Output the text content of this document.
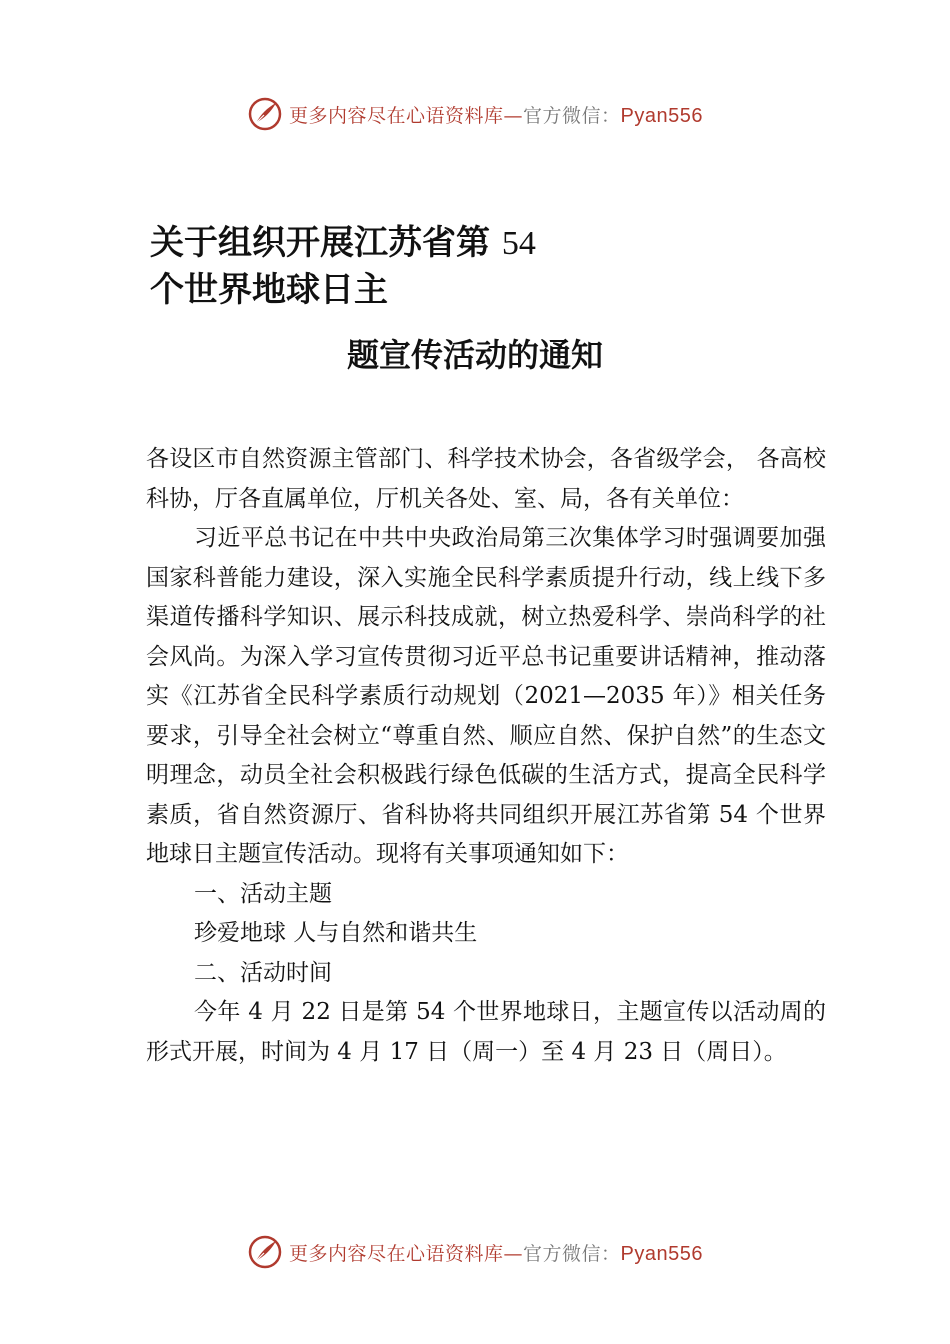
更多内容尽在心语资料库—官方微信：Pyan556
关于组织开展江苏省第 54
个世界地球日主
题宣传活动的通知

各设区市自然资源主管部门、科学技术协会，各省级学会， 各高校科协，厅各直属单位，厅机关各处、室、局，各有关单位：

习近平总书记在中共中央政治局第三次集体学习时强调要加强国家科普能力建设，深入实施全民科学素质提升行动，线上线下多渠道传播科学知识、展示科技成就，树立热爱科学、崇尚科学的社会风尚。为深入学习宣传贯彻习近平总书记重要讲话精神，推动落实《江苏省全民科学素质行动规划（2021—2035 年）》相关任务要求，引导全社会树立“尊重自然、顺应自然、保护自然”的生态文明理念，动员全社会积极践行绿色低碳的生活方式，提高全民科学素质，省自然资源厅、省科协将共同组织开展江苏省第 54 个世界地球日主题宣传活动。现将有关事项通知如下：

一、活动主题

珍爱地球 人与自然和谐共生

二、活动时间

今年 4 月 22 日是第 54 个世界地球日，主题宣传以活动周的形式开展，时间为 4 月 17 日（周一）至 4 月 23 日（周日）。

更多内容尽在心语资料库—官方微信：Pyan556
